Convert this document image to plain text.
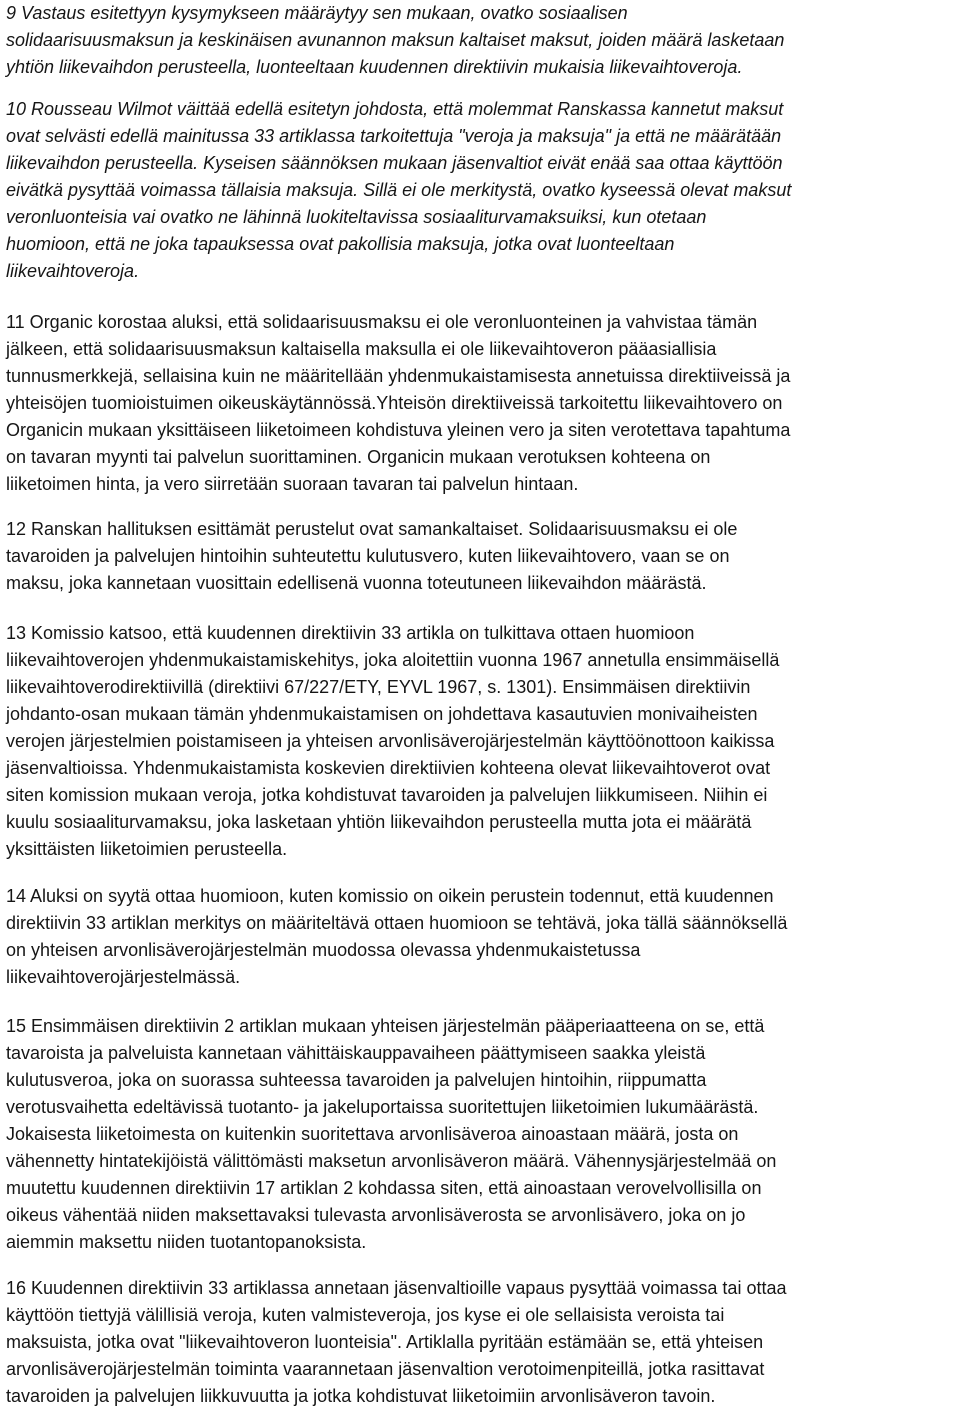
9 Vastaus esitettyyn kysymykseen määräytyy sen mukaan, ovatko sosiaalisen
solidaarisuusmaksun ja keskinäisen avunannon maksun kaltaiset maksut, joiden määrä lasketaan
yhtiön liikevaihdon perusteella, luonteeltaan kuudennen direktiivin mukaisia liikevaihtoveroja.

10 Rousseau Wilmot väittää edellä esitetyn johdosta, että molemmat Ranskassa kannetut maksut
ovat selvästi edellä mainitussa 33 artiklassa tarkoitettuja "veroja ja maksuja" ja että ne määrätään
liikevaihdon perusteella. Kyseisen säännöksen mukaan jäsenvaltiot eivät enää saa ottaa käyttöön
eivätkä pysyttää voimassa tällaisia maksuja. Sillä ei ole merkitystä, ovatko kyseessä olevat maksut
veronluonteisia vai ovatko ne lähinnä luokiteltavissa sosiaaliturvamaksuiksi, kun otetaan
huomioon, että ne joka tapauksessa ovat pakollisia maksuja, jotka ovat luonteeltaan
liikevaihtoveroja.

11 Organic korostaa aluksi, että solidaarisuusmaksu ei ole veronluonteinen ja vahvistaa tämän
jälkeen, että solidaarisuusmaksun kaltaisella maksulla ei ole liikevaihtoveron pääasiallisia
tunnusmerkkejä, sellaisina kuin ne määritellään yhdenmukaistamisesta annetuissa direktiiveissä ja
yhteisöjen tuomioistuimen oikeuskäytännössä.Yhteisön direktiiveissä tarkoitettu liikevaihtovero on
Organicin mukaan yksittäiseen liiketoimeen kohdistuva yleinen vero ja siten verotettava tapahtuma
on tavaran myynti tai palvelun suorittaminen. Organicin mukaan verotuksen kohteena on
liiketoimen hinta, ja vero siirretään suoraan tavaran tai palvelun hintaan.

12 Ranskan hallituksen esittämät perustelut ovat samankaltaiset. Solidaarisuusmaksu ei ole
tavaroiden ja palvelujen hintoihin suhteutettu kulutusvero, kuten liikevaihtovero, vaan se on
maksu, joka kannetaan vuosittain edellisenä vuonna toteutuneen liikevaihdon määrästä.

13 Komissio katsoo, että kuudennen direktiivin 33 artikla on tulkittava ottaen huomioon
liikevaihtoverojen yhdenmukaistamiskehitys, joka aloitettiin vuonna 1967 annetulla ensimmäisellä
liikevaihtoverodirektiivillä (direktiivi 67/227/ETY, EYVL 1967, s. 1301). Ensimmäisen direktiivin
johdanto-osan mukaan tämän yhdenmukaistamisen on johdettava kasautuvien monivaiheisten
verojen järjestelmien poistamiseen ja yhteisen arvonlisäverojärjestelmän käyttöönottoon kaikissa
jäsenvaltioissa. Yhdenmukaistamista koskevien direktiivien kohteena olevat liikevaihtoverot ovat
siten komission mukaan veroja, jotka kohdistuvat tavaroiden ja palvelujen liikkumiseen. Niihin ei
kuulu sosiaaliturvamaksu, joka lasketaan yhtiön liikevaihdon perusteella mutta jota ei määrätä
yksittäisten liiketoimien perusteella.

14 Aluksi on syytä ottaa huomioon, kuten komissio on oikein perustein todennut, että kuudennen
direktiivin 33 artiklan merkitys on määriteltävä ottaen huomioon se tehtävä, joka tällä säännöksellä
on yhteisen arvonlisäverojärjestelmän muodossa olevassa yhdenmukaistetussa
liikevaihtoverojärjestelmässä.

15 Ensimmäisen direktiivin 2 artiklan mukaan yhteisen järjestelmän pääperiaatteena on se, että
tavaroista ja palveluista kannetaan vähittäiskauppavaiheen päättymiseen saakka yleistä
kulutusveroa, joka on suorassa suhteessa tavaroiden ja palvelujen hintoihin, riippumatta
verotusvaihetta edeltävissä tuotanto- ja jakeluportaissa suoritettujen liiketoimien lukumäärästä.
Jokaisesta liiketoimesta on kuitenkin suoritettava arvonlisäveroa ainoastaan määrä, josta on
vähennetty hintatekijöistä välittömästi maksetun arvonlisäveron määrä. Vähennysjärjestelmää on
muutettu kuudennen direktiivin 17 artiklan 2 kohdassa siten, että ainoastaan verovelvollisilla on
oikeus vähentää niiden maksettavaksi tulevasta arvonlisäverosta se arvonlisävero, joka on jo
aiemmin maksettu niiden tuotantopanoksista.

16 Kuudennen direktiivin 33 artiklassa annetaan jäsenvaltioille vapaus pysyttää voimassa tai ottaa
käyttöön tiettyjä välillisiä veroja, kuten valmisteveroja, jos kyse ei ole sellaisista veroista tai
maksuista, jotka ovat "liikevaihtoveron luonteisia". Artiklalla pyritään estämään se, että yhteisen
arvonlisäverojärjestelmän toiminta vaarannetaan jäsenvaltion verotoimenpiteillä, jotka rasittavat
tavaroiden ja palvelujen liikkuvuutta ja jotka kohdistuvat liiketoimiin arvonlisäveron tavoin.
